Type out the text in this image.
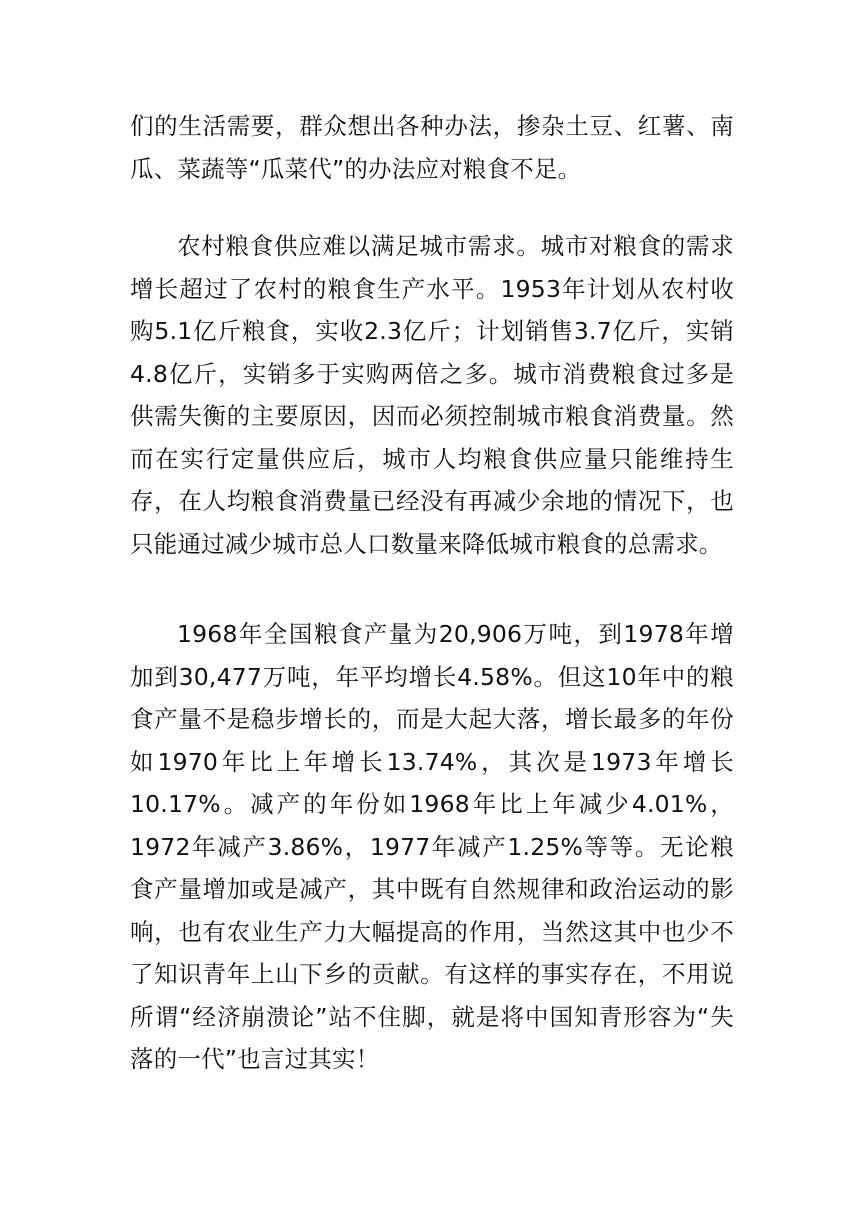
们的生活需要，群众想出各种办法，掺杂土豆、红薯、南瓜、菜蔬等“瓜菜代”的办法应对粮食不足。

农村粮食供应难以满足城市需求。城市对粮食的需求增长超过了农村的粮食生产水平。1953年计划从农村收购5.1亿斤粮食，实收2.3亿斤；计划销售3.7亿斤，实销4.8亿斤，实销多于实购两倍之多。城市消费粮食过多是供需失衡的主要原因，因而必须控制城市粮食消费量。然而在实行定量供应后，城市人均粮食供应量只能维持生存，在人均粮食消费量已经没有再减少余地的情况下，也只能通过减少城市总人口数量来降低城市粮食的总需求。

1968年全国粮食产量为20,906万吨，到1978年增加到30,477万吨，年平均增长4.58%。但这10年中的粮食产量不是稳步增长的，而是大起大落，增长最多的年份如1970年比上年增长13.74%，其次是1973年增长10.17%。减产的年份如1968年比上年减少4.01%，1972年减产3.86%，1977年减产1.25%等等。无论粮食产量增加或是减产，其中既有自然规律和政治运动的影响，也有农业生产力大幅提高的作用，当然这其中也少不了知识青年上山下乡的贡献。有这样的事实存在，不用说所谓“经济崩溃论”站不住脚，就是将中国知青形容为“失落的一代”也言过其实！
